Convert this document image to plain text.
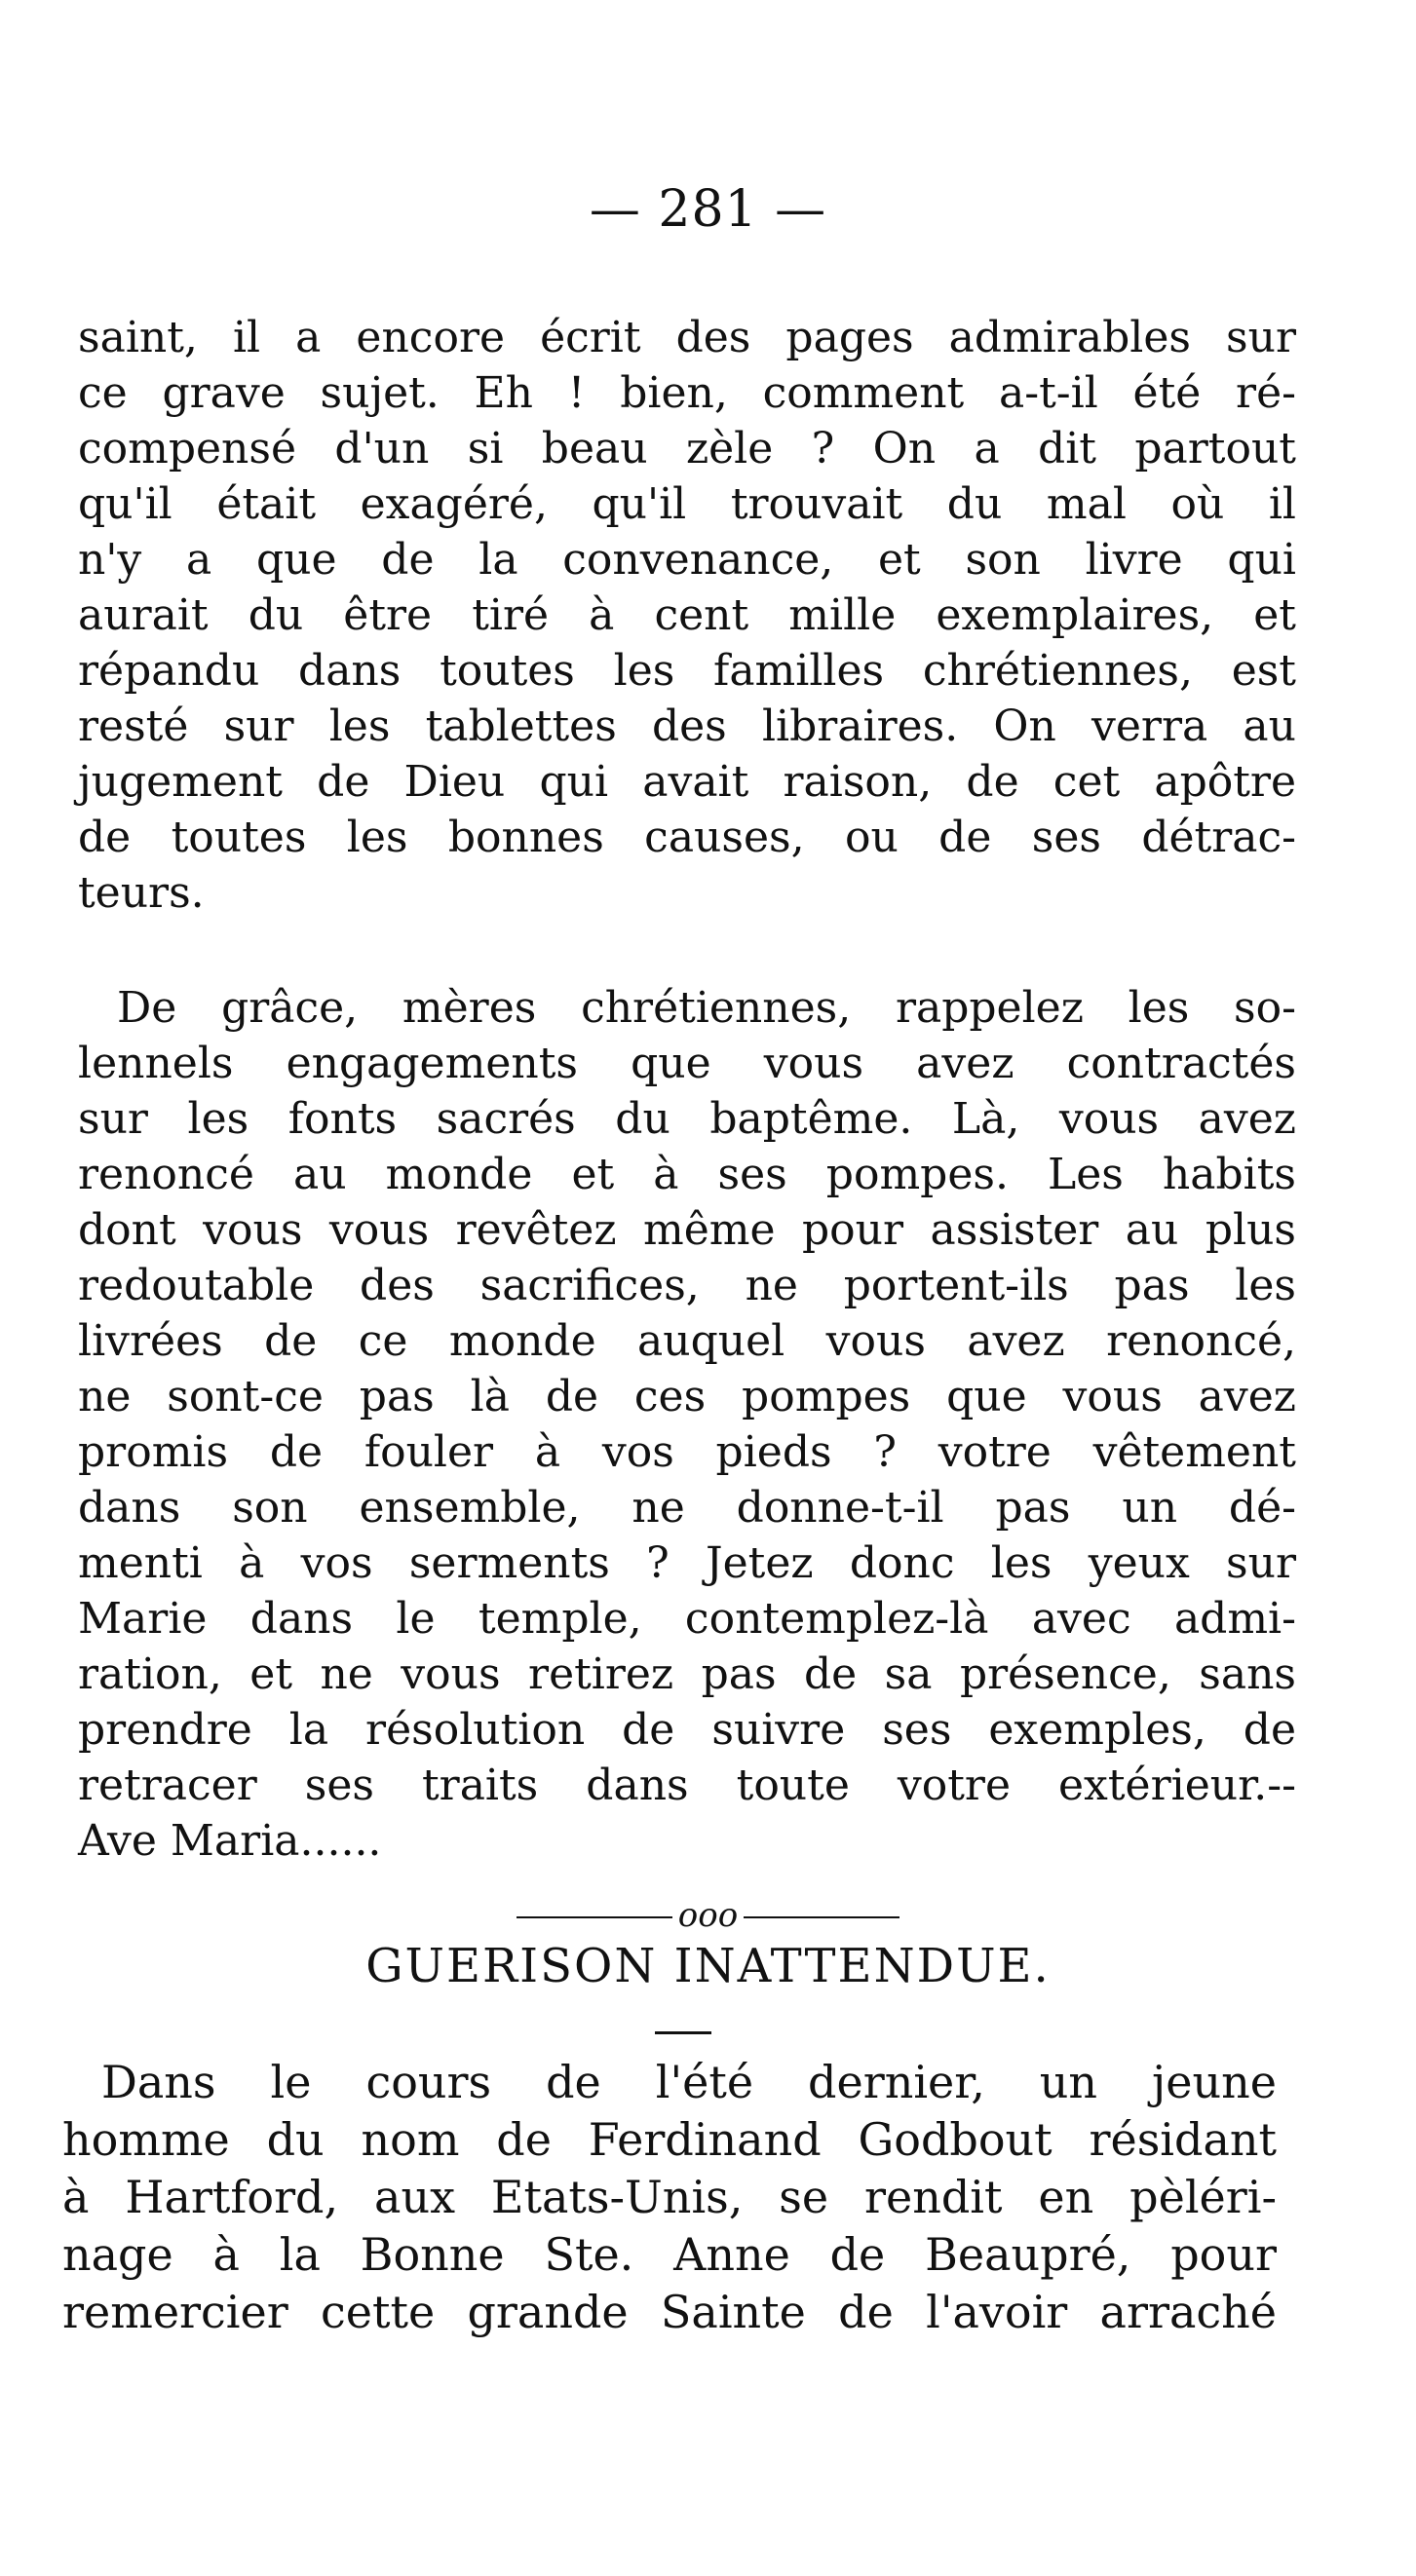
— 281 —
saint, il a encore écrit des pages admirables sur
ce grave sujet. Eh ! bien, comment a-t-il été ré-
compensé d'un si beau zèle ? On a dit partout
qu'il était exagéré, qu'il trouvait du mal où il
n'y a que de la convenance, et son livre qui
aurait du être tiré à cent mille exemplaires, et
répandu dans toutes les familles chrétiennes, est
resté sur les tablettes des libraires. On verra au
jugement de Dieu qui avait raison, de cet apôtre
de toutes les bonnes causes, ou de ses détrac-
teurs.
De grâce, mères chrétiennes, rappelez les so-
lennels engagements que vous avez contractés
sur les fonts sacrés du baptême. Là, vous avez
renoncé au monde et à ses pompes. Les habits
dont vous vous revêtez même pour assister au plus
redoutable des sacrifices, ne portent-ils pas les
livrées de ce monde auquel vous avez renoncé,
ne sont-ce pas là de ces pompes que vous avez
promis de fouler à vos pieds ? votre vêtement
dans son ensemble, ne donne-t-il pas un dé-
menti à vos serments ? Jetez donc les yeux sur
Marie dans le temple, contemplez-là avec admi-
ration, et ne vous retirez pas de sa présence, sans
prendre la résolution de suivre ses exemples, de
retracer ses traits dans toute votre extérieur.--
Ave Maria......
ooo
GUERISON INATTENDUE.
Dans le cours de l'été dernier, un jeune
homme du nom de Ferdinand Godbout résidant
à Hartford, aux Etats-Unis, se rendit en pèléri-
nage à la Bonne Ste. Anne de Beaupré, pour
remercier cette grande Sainte de l'avoir arraché
